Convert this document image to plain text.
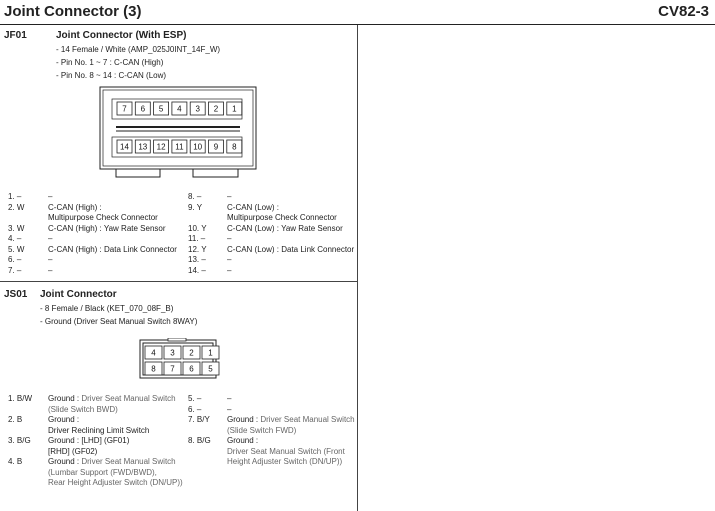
Joint Connector (3)	CV82-3
JF01	Joint Connector (With ESP)
- 14 Female / White (AMP_025J0INT_14F_W)
- Pin No. 1 ~ 7 : C-CAN (High)
- Pin No. 8 ~ 14 : C-CAN (Low)
7 6 5 4 3 2 1
14 13 12 11 10 9 8
1. –	–
2. W	C-CAN (High) :
Multipurpose Check Connector
3. W	C-CAN (High) : Yaw Rate Sensor
4. –	–
5. W	C-CAN (High) : Data Link Connector
6. –	–
7. –	–
8. –	–
9. Y	C-CAN (Low) :
Multipurpose Check Connector
10. Y	C-CAN (Low) : Yaw Rate Sensor
11. –	–
12. Y	C-CAN (Low) : Data Link Connector
13. –	–
14. –	–
JS01 Joint Connector
- 8 Female / Black (KET_070_08F_B)
- Ground (Driver Seat Manual Switch 8WAY)
4 3 2 1
8 7 6 5
1. B/W Ground : Driver Seat Manual Switch
(Slide Switch BWD)
2. B	Ground :
Driver Reclining Limit Switch
3. B/G Ground : [LHD] (GF01)
[RHD] (GF02)
4. B	Ground : Driver Seat Manual Switch
(Lumbar Support (FWD/BWD),
Rear Height Adjuster Switch (DN/UP))
5. –	–
6. –	–
7. B/Y Ground : Driver Seat Manual Switch
(Slide Switch FWD)
8. B/G Ground :
Driver Seat Manual Switch (Front
Height Adjuster Switch (DN/UP))
